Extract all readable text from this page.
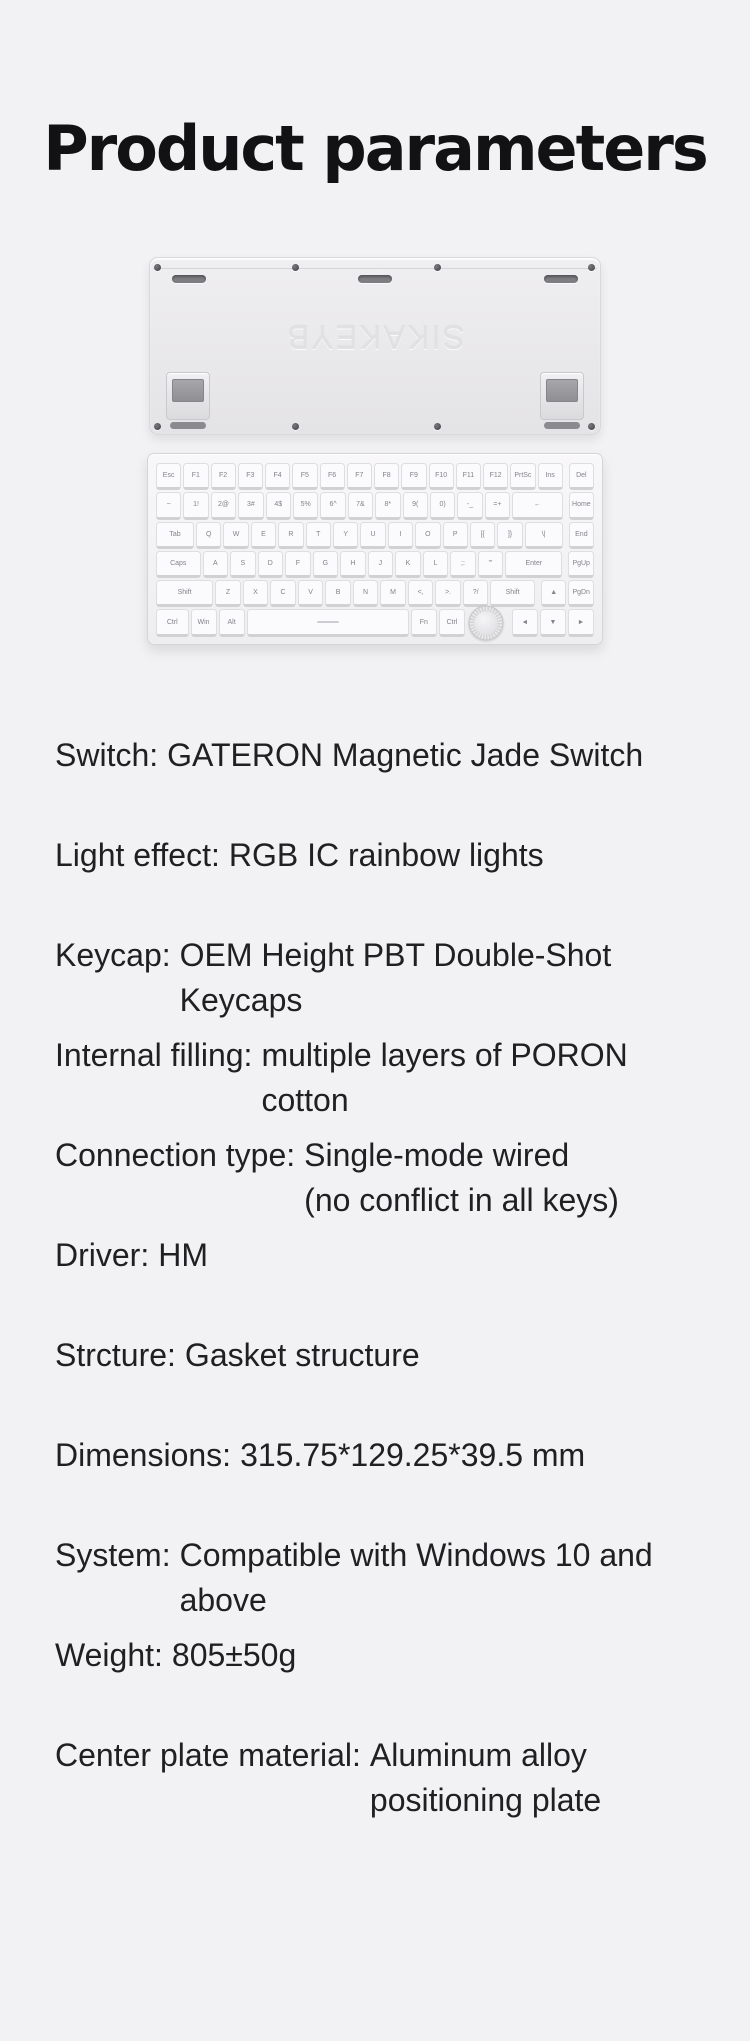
Product parameters
SIKAKEYB
Esc	F1	F2	F3	F4	F5	F6	F7	F8	F9	F10	F11	F12	PrtSc	Ins	Del
~	1!	2@	3#	4$	5%	6^	7&	8*	9(	0)	-_	=+	←	Home
Tab	Q	W	E	R	T	Y	U	I	O	P	[{	]}	\|	End
Caps	A	S	D	F	G	H	J	K	L	;:	'"	Enter	PgUp
Shift	Z	X	C	V	B	N	M	<,	>.	?/	Shift	▲	PgDn
Ctrl	Win	Alt	Fn	Ctrl	◄	▼	►
Switch: GATERON Magnetic Jade Switch
Light effect: RGB IC rainbow lights
Keycap: OEM Height PBT Double-Shot
Keycaps
Internal filling: multiple layers of PORON
cotton
Connection type: Single-mode wired
(no conflict in all keys)
Driver: HM
Strcture: Gasket structure
Dimensions: 315.75*129.25*39.5 mm
System: Compatible with Windows 10 and
above
Weight: 805±50g
Center plate material: Aluminum alloy
positioning plate
